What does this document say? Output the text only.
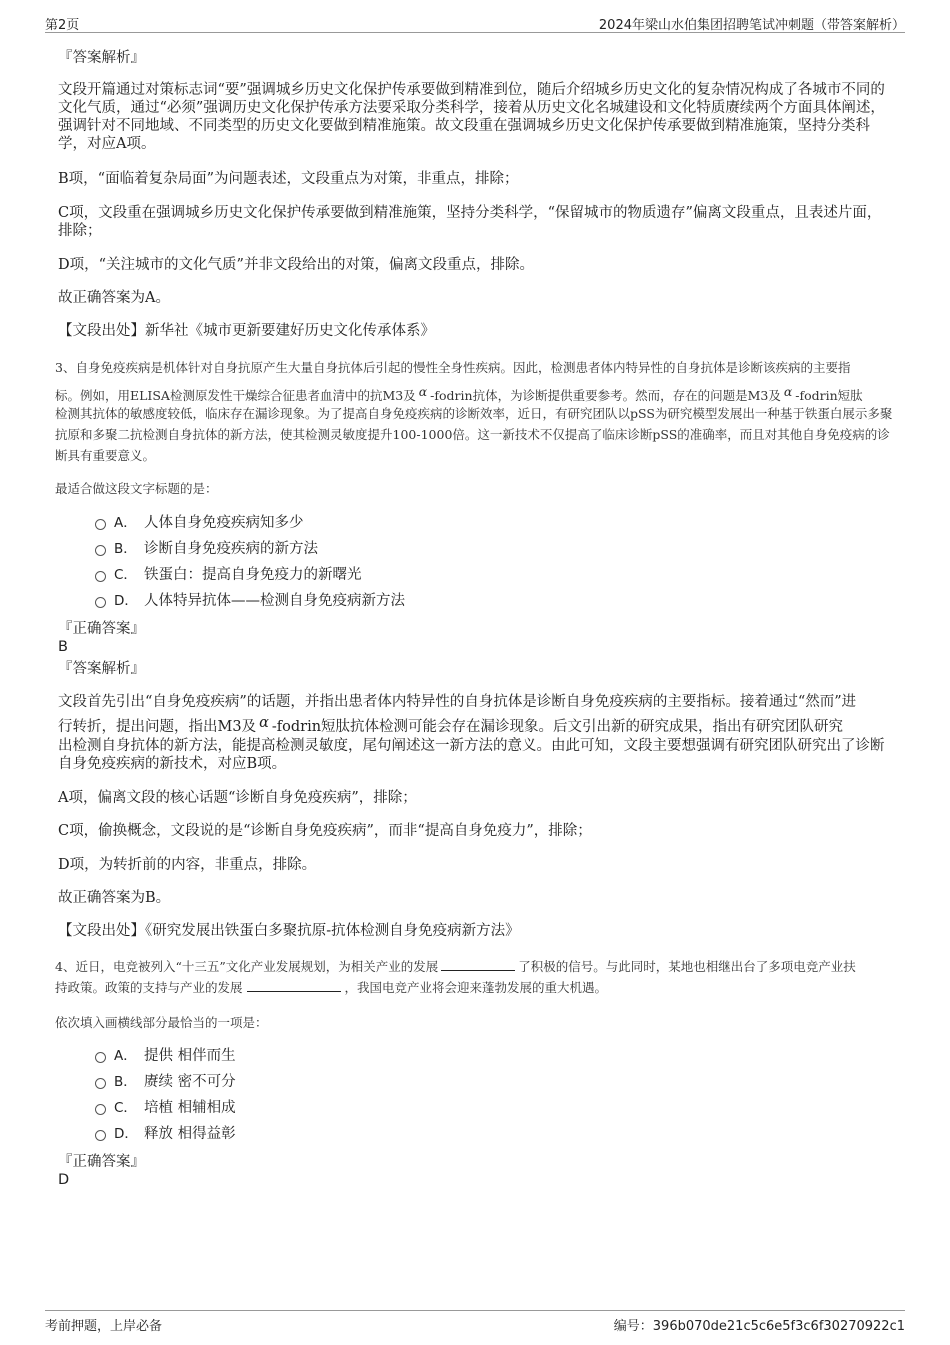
第2页	2024年梁山水伯集团招聘笔试冲刺题（带答案解析）
『答案解析』
文段开篇通过对策标志词“要”强调城乡历史文化保护传承要做到精准到位，随后介绍城乡历史文化的复杂情况构成了各城市不同的文化气质，通过“必须”强调历史文化保护传承方法要采取分类科学，接着从历史文化名城建设和文化特质赓续两个方面具体阐述，强调针对不同地域、不同类型的历史文化要做到精准施策。故文段重在强调城乡历史文化保护传承要做到精准施策，坚持分类科学，对应A项。
B项，“面临着复杂局面”为问题表述，文段重点为对策，非重点，排除；
C项，文段重在强调城乡历史文化保护传承要做到精准施策，坚持分类科学，“保留城市的物质遗存”偏离文段重点，且表述片面，排除；
D项，“关注城市的文化气质”并非文段给出的对策，偏离文段重点，排除。
故正确答案为A。
【文段出处】新华社《城市更新要建好历史文化传承体系》
3、自身免疫疾病是机体针对自身抗原产生大量自身抗体后引起的慢性全身性疾病。因此，检测患者体内特异性的自身抗体是诊断该疾病的主要指
标。例如，用ELISA检测原发性干燥综合征患者血清中的抗M3及 α -fodrin抗体，为诊断提供重要参考。然而，存在的问题是M3及 α -fodrin短肽
检测其抗体的敏感度较低，临床存在漏诊现象。为了提高自身免疫疾病的诊断效率，近日，有研究团队以pSS为研究模型发展出一种基于铁蛋白展示多聚抗原和多聚二抗检测自身抗体的新方法，使其检测灵敏度提升100-1000倍。这一新技术不仅提高了临床诊断pSS的准确率，而且对其他自身免疫病的诊断具有重要意义。
最适合做这段文字标题的是：
A． 人体自身免疫疾病知多少
B． 诊断自身免疫疾病的新方法
C． 铁蛋白：提高自身免疫力的新曙光
D． 人体特异抗体——检测自身免疫病新方法
『正确答案』
B
『答案解析』
文段首先引出“自身免疫疾病”的话题，并指出患者体内特异性的自身抗体是诊断自身免疫疾病的主要指标。接着通过“然而”进
行转折，提出问题，指出M3及 α -fodrin短肽抗体检测可能会存在漏诊现象。后文引出新的研究成果，指出有研究团队研究
出检测自身抗体的新方法，能提高检测灵敏度，尾句阐述这一新方法的意义。由此可知，文段主要想强调有研究团队研究出了诊断自身免疫疾病的新技术，对应B项。
A项，偏离文段的核心话题“诊断自身免疫疾病”，排除；
C项，偷换概念，文段说的是“诊断自身免疫疾病”，而非“提高自身免疫力”，排除；
D项，为转折前的内容，非重点，排除。
故正确答案为B。
【文段出处】《研究发展出铁蛋白多聚抗原-抗体检测自身免疫病新方法》
4、近日，电竞被列入“十三五”文化产业发展规划，为相关产业的发展	了积极的信号。与此同时，某地也相继出台了多项电竞产业扶
持政策。政策的支持与产业的发展	，我国电竞产业将会迎来蓬勃发展的重大机遇。
依次填入画横线部分最恰当的一项是：
A． 提供 相伴而生
B． 赓续 密不可分
C． 培植 相辅相成
D． 释放 相得益彰
『正确答案』
D
考前押题，上岸必备	编号：396b070de21c5c6e5f3c6f30270922c1
